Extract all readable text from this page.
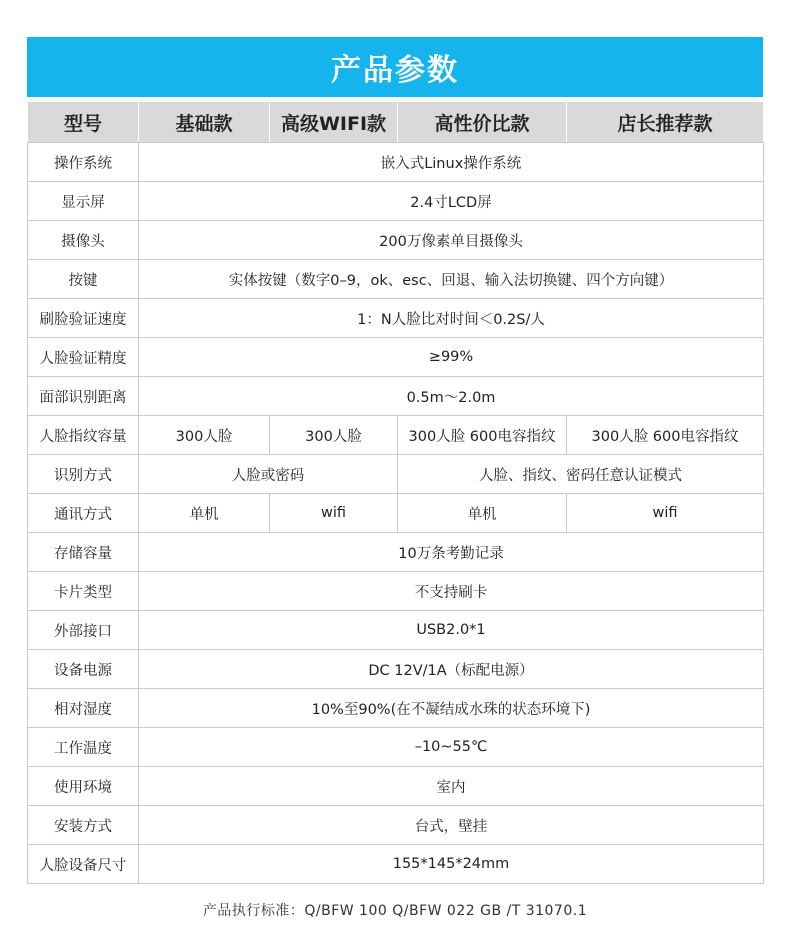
产品参数
型号	基础款	高级WIFI款	高性价比款	店长推荐款
操作系统	嵌入式Linux操作系统			
显示屏	2.4寸LCD屏			
摄像头	200万像素单目摄像头			
按键	实体按键（数字0–9，ok、esc、回退、输入法切换键、四个方向键）			
刷脸验证速度	1：N人脸比对时间＜0.2S/人			
人脸验证精度	≥99%			
面部识别距离	0.5m～2.0m			
人脸指纹容量	300人脸	300人脸	300人脸 600电容指纹	300人脸 600电容指纹
识别方式	人脸或密码		人脸、指纹、密码任意认证模式	
通讯方式	单机	wifi	单机	wifi
存储容量	10万条考勤记录			
卡片类型	不支持刷卡			
外部接口	USB2.0*1			
设备电源	DC 12V/1A（标配电源）			
相对湿度	10%至90%(在不凝结成水珠的状态环境下)			
工作温度	–10~55℃			
使用环境	室内			
安装方式	台式，壁挂			
人脸设备尺寸	155*145*24mm			
产品执行标准：Q/BFW 100 Q/BFW 022 GB /T 31070.1
